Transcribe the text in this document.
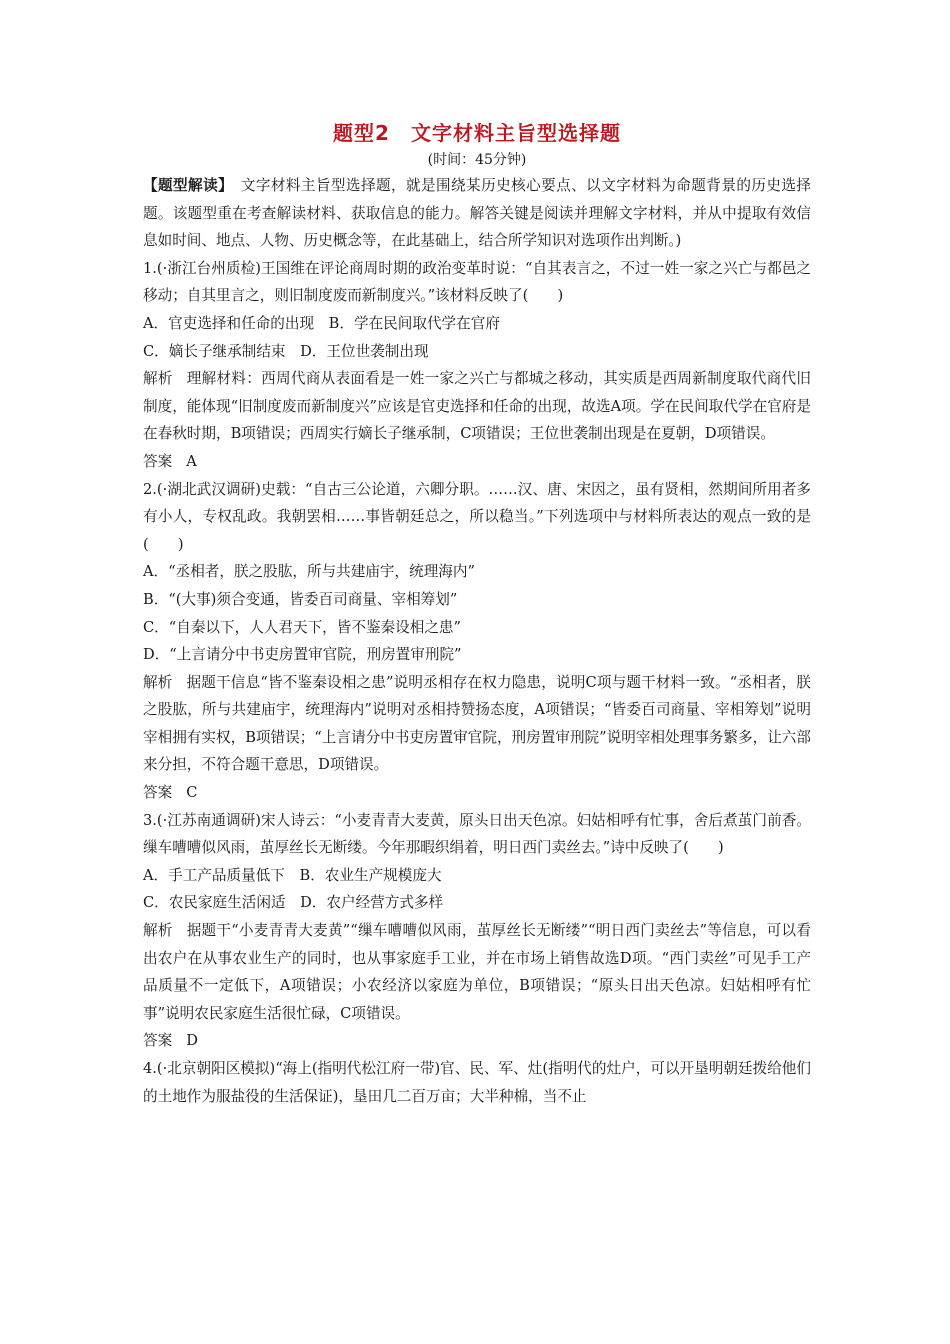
题型2　文字材料主旨型选择题
(时间：45分钟)

【题型解读】　文字材料主旨型选择题，就是围绕某历史核心要点、以文字材料为命题背景的历史选择题。该题型重在考查解读材料、获取信息的能力。解答关键是阅读并理解文字材料，并从中提取有效信息如时间、地点、人物、历史概念等，在此基础上，结合所学知识对选项作出判断。)

1.(·浙江台州质检)王国维在评论商周时期的政治变革时说：“自其表言之，不过一姓一家之兴亡与都邑之移动；自其里言之，则旧制度废而新制度兴。”该材料反映了(　　)

A．官吏选择和任命的出现　B．学在民间取代学在官府

C．嫡长子继承制结束　D．王位世袭制出现

解析 理解材料：西周代商从表面看是一姓一家之兴亡与都城之移动，其实质是西周新制度取代商代旧制度，能体现“旧制度废而新制度兴”应该是官吏选择和任命的出现，故选A项。学在民间取代学在官府是在春秋时期，B项错误；西周实行嫡长子继承制，C项错误；王位世袭制出现是在夏朝，D项错误。

答案 A

2.(·湖北武汉调研)史载：“自古三公论道，六卿分职。……汉、唐、宋因之，虽有贤相，然期间所用者多有小人，专权乱政。我朝罢相……事皆朝廷总之，所以稳当。”下列选项中与材料所表达的观点一致的是(　　)

A．“丞相者，朕之股肱，所与共建庙宇，统理海内”

B．“(大事)须合变通，皆委百司商量、宰相筹划”

C．“自秦以下，人人君天下，皆不鉴秦设相之患”

D．“上言请分中书吏房置审官院，刑房置审刑院”

解析 据题干信息“皆不鉴秦设相之患”说明丞相存在权力隐患，说明C项与题干材料一致。“丞相者，朕之股肱，所与共建庙宇，统理海内”说明对丞相持赞扬态度，A项错误；“皆委百司商量、宰相筹划”说明宰相拥有实权，B项错误；“上言请分中书吏房置审官院，刑房置审刑院”说明宰相处理事务繁多，让六部来分担，不符合题干意思，D项错误。

答案 C

3.(·江苏南通调研)宋人诗云：“小麦青青大麦黄，原头日出天色凉。妇姑相呼有忙事，舍后煮茧门前香。缫车嘈嘈似风雨，茧厚丝长无断缕。今年那暇织绢着，明日西门卖丝去。”诗中反映了(　　)

A．手工产品质量低下　B．农业生产规模庞大

C．农民家庭生活闲适　D．农户经营方式多样

解析 据题干“小麦青青大麦黄”“缫车嘈嘈似风雨，茧厚丝长无断缕”“明日西门卖丝去”等信息，可以看出农户在从事农业生产的同时，也从事家庭手工业，并在市场上销售故选D项。“西门卖丝”可见手工产品质量不一定低下，A项错误；小农经济以家庭为单位，B项错误；“原头日出天色凉。妇姑相呼有忙事”说明农民家庭生活很忙碌，C项错误。

答案 D

4.(·北京朝阳区模拟)“海上(指明代松江府一带)官、民、军、灶(指明代的灶户，可以开垦明朝廷拨给他们的土地作为服盐役的生活保证)，垦田几二百万亩；大半种棉，当不止
